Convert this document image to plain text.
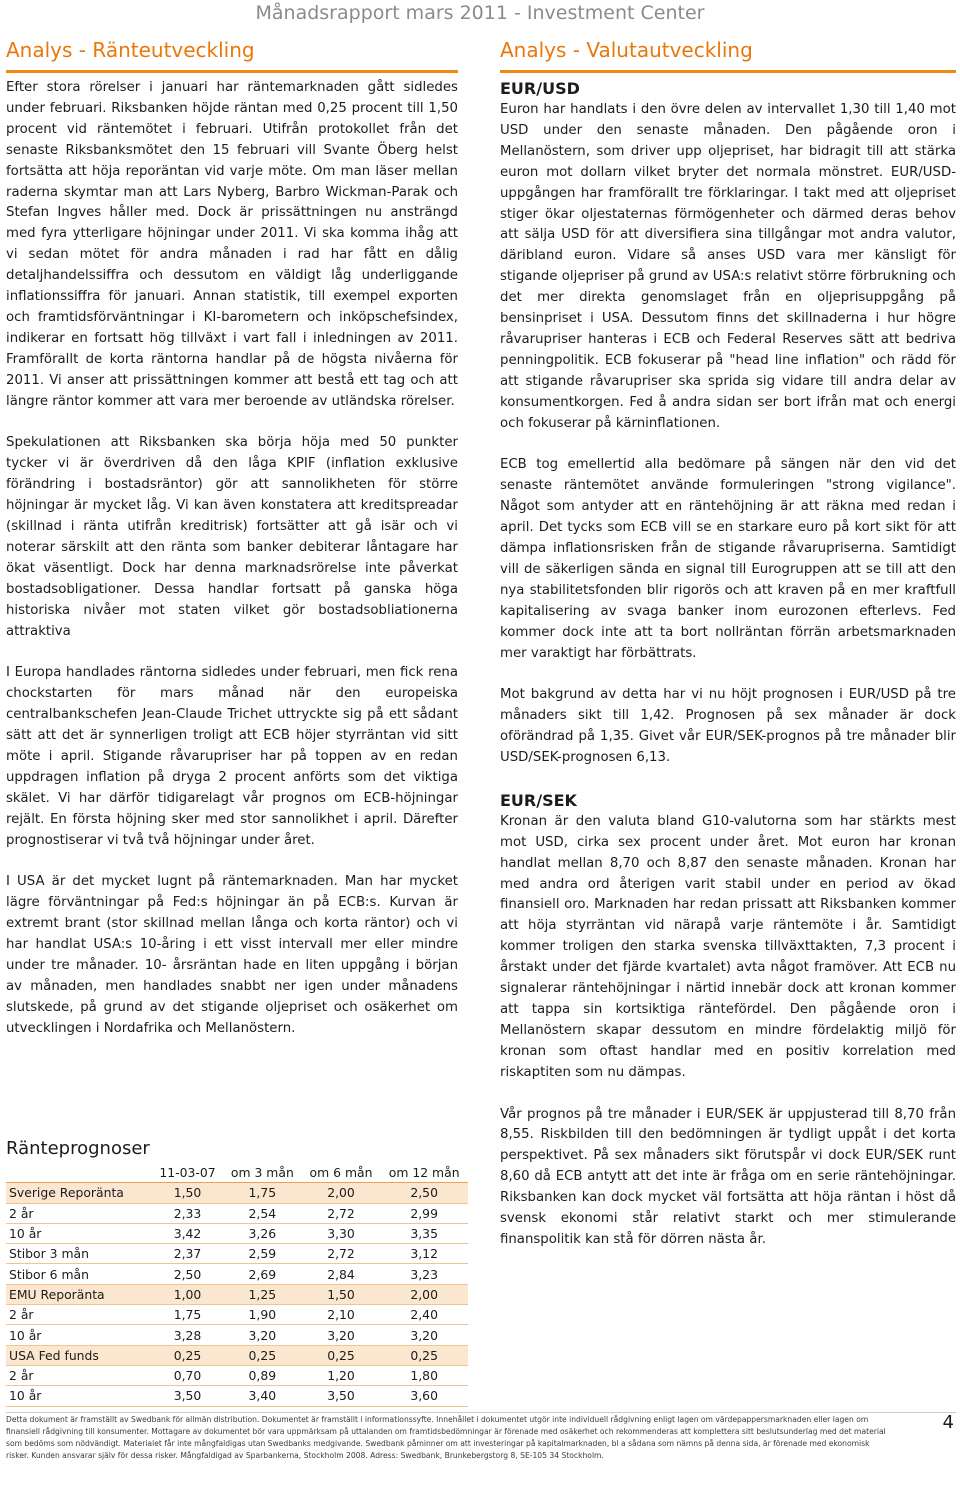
Månadsrapport mars 2011 - Investment Center
Analys - Ränteutveckling

Efter stora rörelser i januari har räntemarknaden gått sidledes under februari. Riksbanken höjde räntan med 0,25 procent till 1,50 procent vid räntemötet i februari. Utifrån protokollet från det senaste Riksbanksmötet den 15 februari vill Svante Öberg helst fortsätta att höja reporäntan vid varje möte. Om man läser mellan raderna skymtar man att Lars Nyberg, Barbro Wickman-Parak och Stefan Ingves håller med. Dock är prissättningen nu ansträngd med fyra ytterligare höjningar under 2011. Vi ska komma ihåg att vi sedan mötet för andra månaden i rad har fått en dålig detaljhandelssiffra och dessutom en väldigt låg underliggande inflationssiffra för januari. Annan statistik, till exempel exporten och framtidsförväntningar i KI-barometern och inköpschefsindex, indikerar en fortsatt hög tillväxt i vart fall i inledningen av 2011. Framförallt de korta räntorna handlar på de högsta nivåerna för 2011. Vi anser att prissättningen kommer att bestå ett tag och att längre räntor kommer att vara mer beroende av utländska rörelser.

Spekulationen att Riksbanken ska börja höja med 50 punkter tycker vi är överdriven då den låga KPIF (inflation exklusive förändring i bostadsräntor) gör att sannolikheten för större höjningar är mycket låg. Vi kan även konstatera att kreditspreadar (skillnad i ränta utifrån kreditrisk) fortsätter att gå isär och vi noterar särskilt att den ränta som banker debiterar låntagare har ökat väsentligt. Dock har denna marknadsrörelse inte påverkat bostadsobligationer. Dessa handlar fortsatt på ganska höga historiska nivåer mot staten vilket gör bostadsobliationerna attraktiva

I Europa handlades räntorna sidledes under februari, men fick rena chockstarten för mars månad när den europeiska centralbankschefen Jean-Claude Trichet uttryckte sig på ett sådant sätt att det är synnerligen troligt att ECB höjer styrräntan vid sitt möte i april. Stigande råvarupriser har på toppen av en redan uppdragen inflation på dryga 2 procent anförts som det viktiga skälet. Vi har därför tidigarelagt vår prognos om ECB-höjningar rejält. En första höjning sker med stor sannolikhet i april. Därefter prognostiserar vi två två höjningar under året.

I USA är det mycket lugnt på räntemarknaden. Man har mycket lägre förväntningar på Fed:s höjningar än på ECB:s. Kurvan är extremt brant (stor skillnad mellan långa och korta räntor) och vi har handlat USA:s 10-åring i ett visst intervall mer eller mindre under tre månader. 10- årsräntan hade en liten uppgång i början av månaden, men handlades snabbt ner igen under månadens slutskede, på grund av det stigande oljepriset och osäkerhet om utvecklingen i Nordafrika och Mellanöstern.

Ränteprognoser
	11-03-07	om 3 mån	om 6 mån	om 12 mån
Sverige Reporänta	1,50	1,75	2,00	2,50
2 år	2,33	2,54	2,72	2,99
10 år	3,42	3,26	3,30	3,35
Stibor 3 mån	2,37	2,59	2,72	3,12
Stibor 6 mån	2,50	2,69	2,84	3,23
EMU Reporänta	1,00	1,25	1,50	2,00
2 år	1,75	1,90	2,10	2,40
10 år	3,28	3,20	3,20	3,20
USA Fed funds	0,25	0,25	0,25	0,25
2 år	0,70	0,89	1,20	1,80
10 år	3,50	3,40	3,50	3,60
Analys - Valutautveckling
EUR/USD

Euron har handlats i den övre delen av intervallet 1,30 till 1,40 mot USD under den senaste månaden. Den pågående oron i Mellanöstern, som driver upp oljepriset, har bidragit till att stärka euron mot dollarn vilket bryter det normala mönstret. EUR/USD-uppgången har framförallt tre förklaringar. I takt med att oljepriset stiger ökar oljestaternas förmögenheter och därmed deras behov att sälja USD för att diversifiera sina tillgångar mot andra valutor, däribland euron. Vidare så anses USD vara mer känsligt för stigande oljepriser på grund av USA:s relativt större förbrukning och det mer direkta genomslaget från en oljeprisuppgång på bensinpriset i USA. Dessutom finns det skillnaderna i hur högre råvarupriser hanteras i ECB och Federal Reserves sätt att bedriva penningpolitik. ECB fokuserar på "head line inflation" och rädd för att stigande råvarupriser ska sprida sig vidare till andra delar av konsumentkorgen. Fed å andra sidan ser bort ifrån mat och energi och fokuserar på kärninflationen.

ECB tog emellertid alla bedömare på sängen när den vid det senaste räntemötet använde formuleringen "strong vigilance". Något som antyder att en räntehöjning är att räkna med redan i april. Det tycks som ECB vill se en starkare euro på kort sikt för att dämpa inflationsrisken från de stigande råvarupriserna. Samtidigt vill de säkerligen sända en signal till Eurogruppen att se till att den nya stabilitetsfonden blir rigorös och att kraven på en mer kraftfull kapitalisering av svaga banker inom eurozonen efterlevs. Fed kommer dock inte att ta bort nollräntan förrän arbetsmarknaden mer varaktigt har förbättrats.

Mot bakgrund av detta har vi nu höjt prognosen i EUR/USD på tre månaders sikt till 1,42. Prognosen på sex månader är dock oförändrad på 1,35. Givet vår EUR/SEK-prognos på tre månader blir USD/SEK-prognosen 6,13.

EUR/SEK

Kronan är den valuta bland G10-valutorna som har stärkts mest mot USD, cirka sex procent under året. Mot euron har kronan handlat mellan 8,70 och 8,87 den senaste månaden. Kronan har med andra ord återigen varit stabil under en period av ökad finansiell oro. Marknaden har redan prissatt att Riksbanken kommer att höja styrräntan vid närapå varje räntemöte i år. Samtidigt kommer troligen den starka svenska tillväxttakten, 7,3 procent i årstakt under det fjärde kvartalet) avta något framöver. Att ECB nu signalerar räntehöjningar i närtid innebär dock att kronan kommer att tappa sin kortsiktiga räntefördel. Den pågående oron i Mellanöstern skapar dessutom en mindre fördelaktig miljö för kronan som oftast handlar med en positiv korrelation med riskaptiten som nu dämpas.

Vår prognos på tre månader i EUR/SEK är uppjusterad till 8,70 från 8,55. Riskbilden till den bedömningen är tydligt uppåt i det korta perspektivet. På sex månaders sikt förutspår vi dock EUR/SEK runt 8,60 då ECB antytt att det inte är fråga om en serie räntehöjningar. Riksbanken kan dock mycket väl fortsätta att höja räntan i höst då svensk ekonomi står relativt starkt och mer stimulerande finanspolitik kan stå för dörren nästa år.

Detta dokument är framställt av Swedbank för allmän distribution. Dokumentet är framställt i informationssyfte. Innehållet i dokumentet utgör inte individuell rådgivning enligt lagen om värdepappersmarknaden eller lagen om finansiell rådgivning till konsumenter. Mottagare av dokumentet bör vara uppmärksam på uttalanden om framtidsbedömningar är förenade med osäkerhet och rekommenderas att komplettera sitt beslutsunderlag med det material som bedöms som nödvändigt. Materialet får inte mångfaldigas utan Swedbanks medgivande. Swedbank påminner om att investeringar på kapitalmarknaden, bl a sådana som nämns på denna sida, är förenade med ekonomisk risker. Kunden ansvarar själv för dessa risker. Mångfaldigad av Sparbankerna, Stockholm 2008. Adress: Swedbank, Brunkebergstorg 8, SE-105 34 Stockholm.
4
